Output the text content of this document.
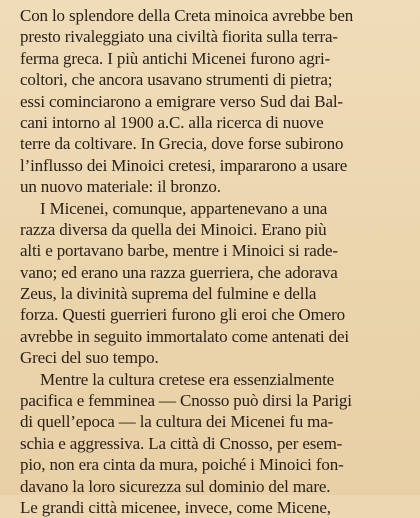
Con lo splendore della Creta minoica avrebbe ben
presto rivaleggiato una civiltà fiorita sulla terra-
ferma greca. I più antichi Micenei furono agri-
coltori, che ancora usavano strumenti di pietra;
essi cominciarono a emigrare verso Sud dai Bal-
cani intorno al 1900 a.C. alla ricerca di nuove
terre da coltivare. In Grecia, dove forse subirono
l’influsso dei Minoici cretesi, impararono a usare
un nuovo materiale: il bronzo.
I Micenei, comunque, appartenevano a una
razza diversa da quella dei Minoici. Erano più
alti e portavano barbe, mentre i Minoici si rade-
vano; ed erano una razza guerriera, che adorava
Zeus, la divinità suprema del fulmine e della
forza. Questi guerrieri furono gli eroi che Omero
avrebbe in seguito immortalato come antenati dei
Greci del suo tempo.
Mentre la cultura cretese era essenzialmente
pacifica e femminea — Cnosso può dirsi la Parigi
di quell’epoca — la cultura dei Micenei fu ma-
schia e aggressiva. La città di Cnosso, per esem-
pio, non era cinta da mura, poiché i Minoici fon-
davano la loro sicurezza sul dominio del mare.
Le grandi città micenee, invece, come Micene,
